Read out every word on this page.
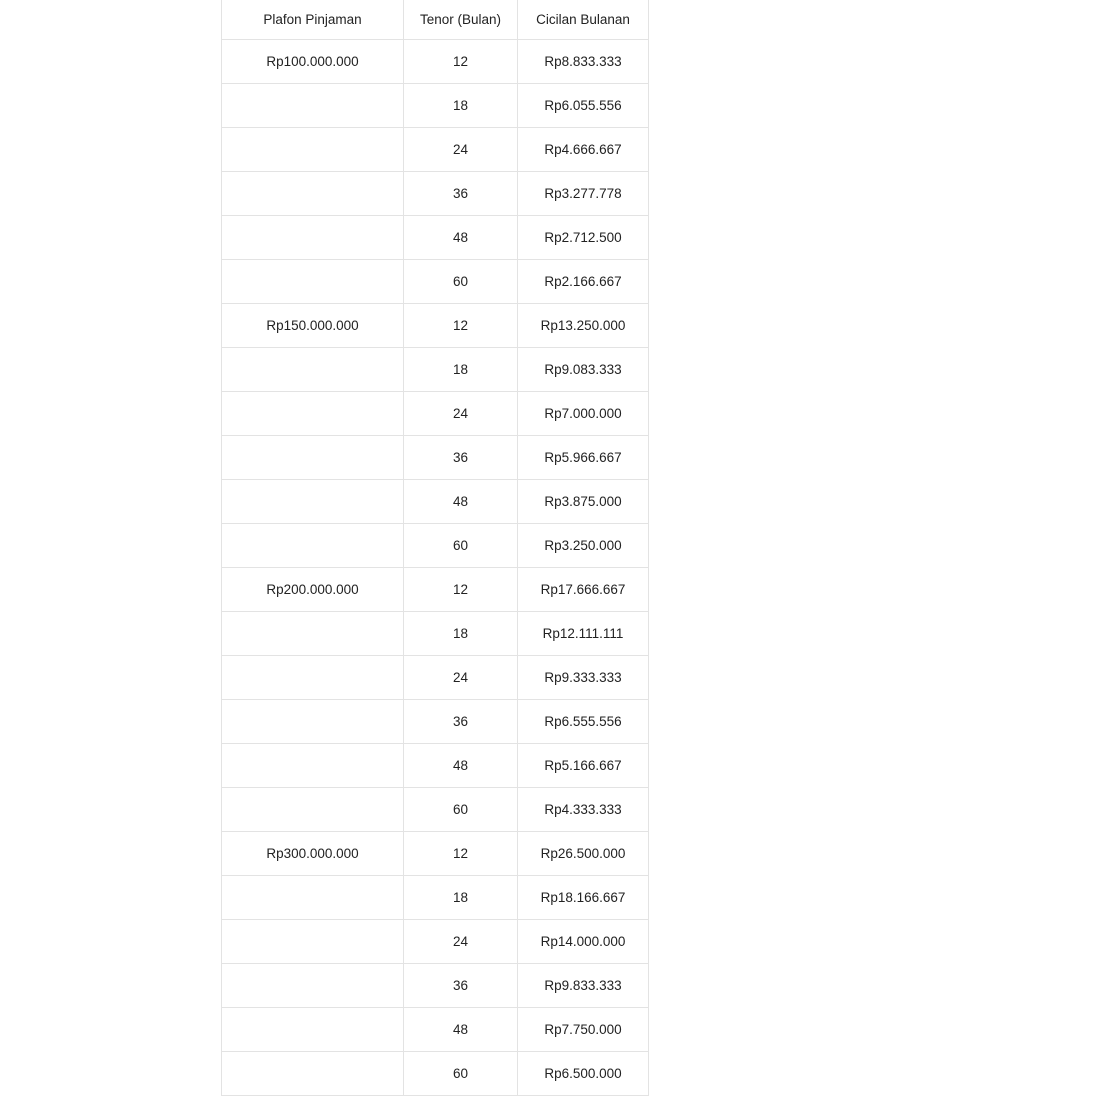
Plafon Pinjaman	Tenor (Bulan)	Cicilan Bulanan
Rp100.000.000	12	Rp8.833.333
	18	Rp6.055.556
	24	Rp4.666.667
	36	Rp3.277.778
	48	Rp2.712.500
	60	Rp2.166.667
Rp150.000.000	12	Rp13.250.000
	18	Rp9.083.333
	24	Rp7.000.000
	36	Rp5.966.667
	48	Rp3.875.000
	60	Rp3.250.000
Rp200.000.000	12	Rp17.666.667
	18	Rp12.111.111
	24	Rp9.333.333
	36	Rp6.555.556
	48	Rp5.166.667
	60	Rp4.333.333
Rp300.000.000	12	Rp26.500.000
	18	Rp18.166.667
	24	Rp14.000.000
	36	Rp9.833.333
	48	Rp7.750.000
	60	Rp6.500.000
